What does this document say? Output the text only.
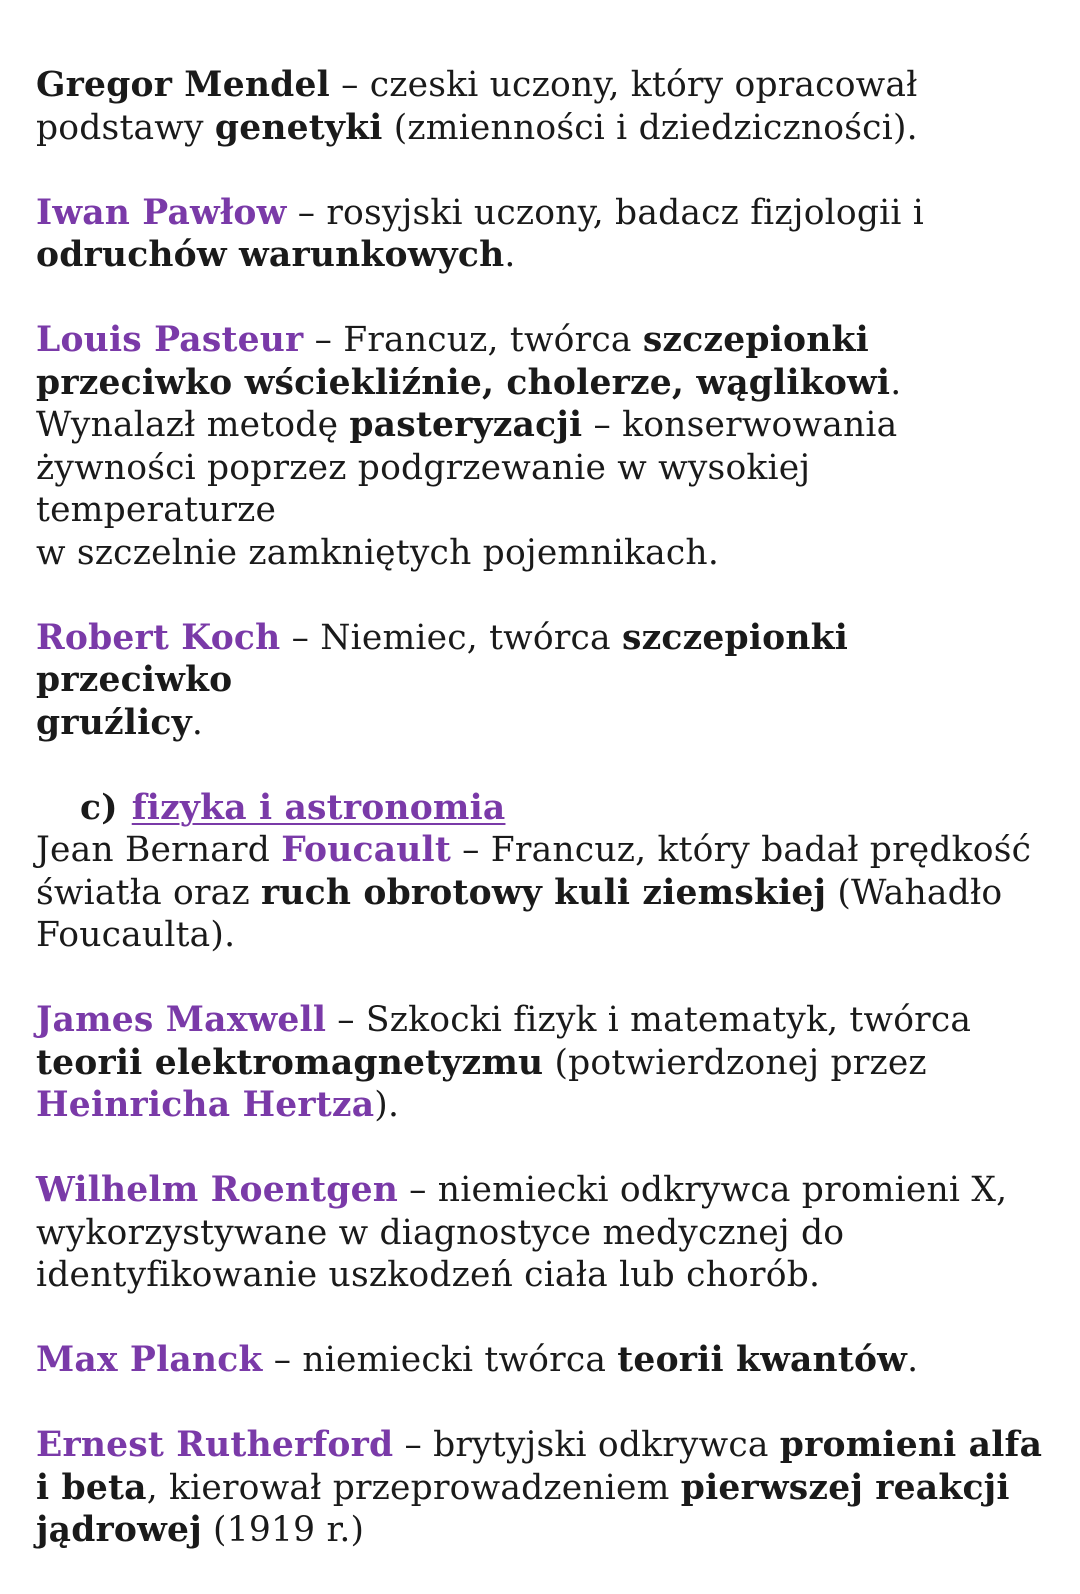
Gregor Mendel – czeski uczony, który opracował
podstawy genetyki (zmienności i dziedziczności).
Iwan Pawłow – rosyjski uczony, badacz fizjologii i
odruchów warunkowych.
Louis Pasteur – Francuz, twórca szczepionki
przeciwko wściekliźnie, cholerze, wąglikowi.
Wynalazł metodę pasteryzacji – konserwowania
żywności poprzez podgrzewanie w wysokiej temperaturze
w szczelnie zamkniętych pojemnikach.
Robert Koch – Niemiec, twórca szczepionki przeciwko
gruźlicy.
c) fizyka i astronomia
Jean Bernard Foucault – Francuz, który badał prędkość
światła oraz ruch obrotowy kuli ziemskiej (Wahadło
Foucaulta).
James Maxwell – Szkocki fizyk i matematyk, twórca
teorii elektromagnetyzmu (potwierdzonej przez
Heinricha Hertza).
Wilhelm Roentgen – niemiecki odkrywca promieni X,
wykorzystywane w diagnostyce medycznej do
identyfikowanie uszkodzeń ciała lub chorób.
Max Planck – niemiecki twórca teorii kwantów.
Ernest Rutherford – brytyjski odkrywca promieni alfa
i beta, kierował przeprowadzeniem pierwszej reakcji
jądrowej (1919 r.)
